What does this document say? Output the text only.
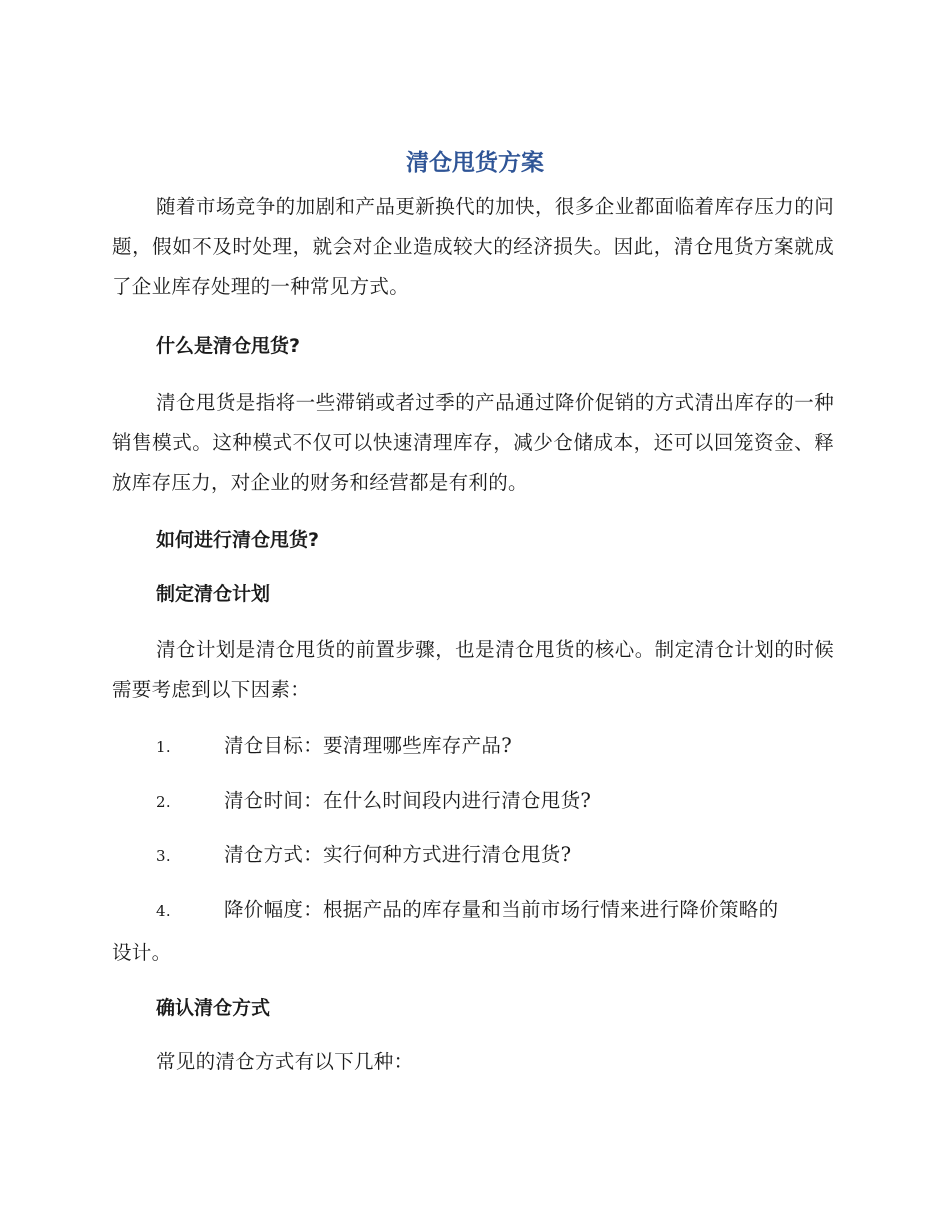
清仓甩货方案
随着市场竞争的加剧和产品更新换代的加快，很多企业都面临着库存压力的问题，假如不及时处理，就会对企业造成较大的经济损失。因此，清仓甩货方案就成了企业库存处理的一种常见方式。
什么是清仓甩货?
清仓甩货是指将一些滞销或者过季的产品通过降价促销的方式清出库存的一种销售模式。这种模式不仅可以快速清理库存，减少仓储成本，还可以回笼资金、释放库存压力，对企业的财务和经营都是有利的。
如何进行清仓甩货?
制定清仓计划
清仓计划是清仓甩货的前置步骤，也是清仓甩货的核心。制定清仓计划的时候需要考虑到以下因素：
1.	清仓目标：要清理哪些库存产品?
2.	清仓时间：在什么时间段内进行清仓甩货?
3.	清仓方式：实行何种方式进行清仓甩货?
4.	降价幅度：根据产品的库存量和当前市场行情来进行降价策略的
设计。
确认清仓方式
常见的清仓方式有以下几种：
